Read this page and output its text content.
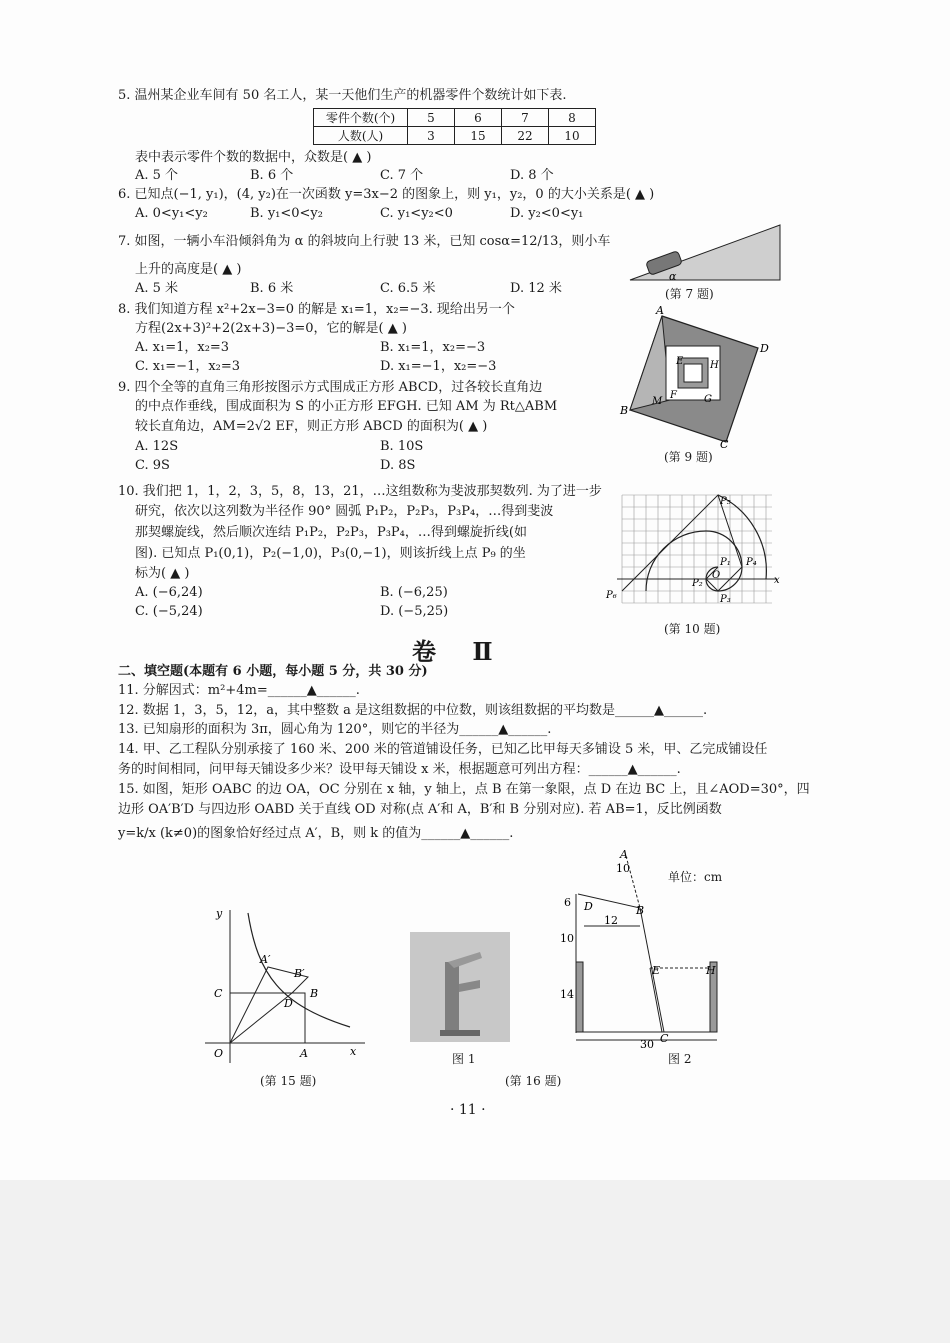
5. 温州某企业车间有 50 名工人，某一天他们生产的机器零件个数统计如下表.
零件个数(个)	5	6	7	8
人数(人)	3	15	22	10
表中表示零件个数的数据中，众数是( ▲ )
A. 5 个	B. 6 个	C. 7 个	D. 8 个
6. 已知点(−1, y₁)，(4, y₂)在一次函数 y=3x−2 的图象上，则 y₁，y₂，0 的大小关系是( ▲ )
A. 0<y₁<y₂	B. y₁<0<y₂	C. y₁<y₂<0	D. y₂<0<y₁
7. 如图，一辆小车沿倾斜角为 α 的斜坡向上行驶 13 米，已知 cosα=12/13，则小车
上升的高度是( ▲ )
A. 5 米	B. 6 米	C. 6.5 米	D. 12 米
α
(第 7 题)
8. 我们知道方程 x²+2x−3=0 的解是 x₁=1，x₂=−3. 现给出另一个
方程(2x+3)²+2(2x+3)−3=0，它的解是( ▲ )
A. x₁=1，x₂=3	B. x₁=1，x₂=−3
C. x₁=−1，x₂=3	D. x₁=−1，x₂=−3
9. 四个全等的直角三角形按图示方式围成正方形 ABCD，过各较长直角边
的中点作垂线，围成面积为 S 的小正方形 EFGH. 已知 AM 为 Rt△ABM
较长直角边，AM=2√2 EF，则正方形 ABCD 的面积为( ▲ )
A. 12S	B. 10S
C. 9S	D. 8S
A
B
C
D
E
F	G
H
M
(第 9 题)
10. 我们把 1，1，2，3，5，8，13，21，…这组数称为斐波那契数列. 为了进一步
研究，依次以这列数为半径作 90° 圆弧 P₁P₂，P₂P₃，P₃P₄，…得到斐波
那契螺旋线，然后顺次连结 P₁P₂，P₂P₃，P₃P₄，…得到螺旋折线(如
图). 已知点 P₁(0,1)，P₂(−1,0)，P₃(0,−1)，则该折线上点 P₉ 的坐
标为( ▲ )
A. (−6,24)	B. (−6,25)
C. (−5,24)	D. (−5,25)
P₁
P₂
P₃
P₄
P₅
P₆
O	x
(第 10 题)
卷 Ⅱ
二、填空题(本题有 6 小题，每小题 5 分，共 30 分)
11. 分解因式：m²+4m=______▲______.
12. 数据 1，3，5，12，a，其中整数 a 是这组数据的中位数，则该组数据的平均数是______▲______.
13. 已知扇形的面积为 3π，圆心角为 120°，则它的半径为______▲______.
14. 甲、乙工程队分别承接了 160 米、200 米的管道铺设任务，已知乙比甲每天多铺设 5 米，甲、乙完成铺设任
务的时间相同，问甲每天铺设多少米？设甲每天铺设 x 米，根据题意可列出方程：______▲______.
15. 如图，矩形 OABC 的边 OA，OC 分别在 x 轴，y 轴上，点 B 在第一象限，点 D 在边 BC 上，且∠AOD=30°，四
边形 OA′B′D 与四边形 OABD 关于直线 OD 对称(点 A′和 A，B′和 B 分别对应). 若 AB=1，反比例函数
y=k/x (k≠0)的图象恰好经过点 A′，B，则 k 的值为______▲______.
y
x
O	A
B
C
D
A′
B′
(第 15 题)
图 1
单位：cm
10
6
10
14
12
30
A
B
C
D
E	H
图 2
(第 16 题)
· 11 ·
